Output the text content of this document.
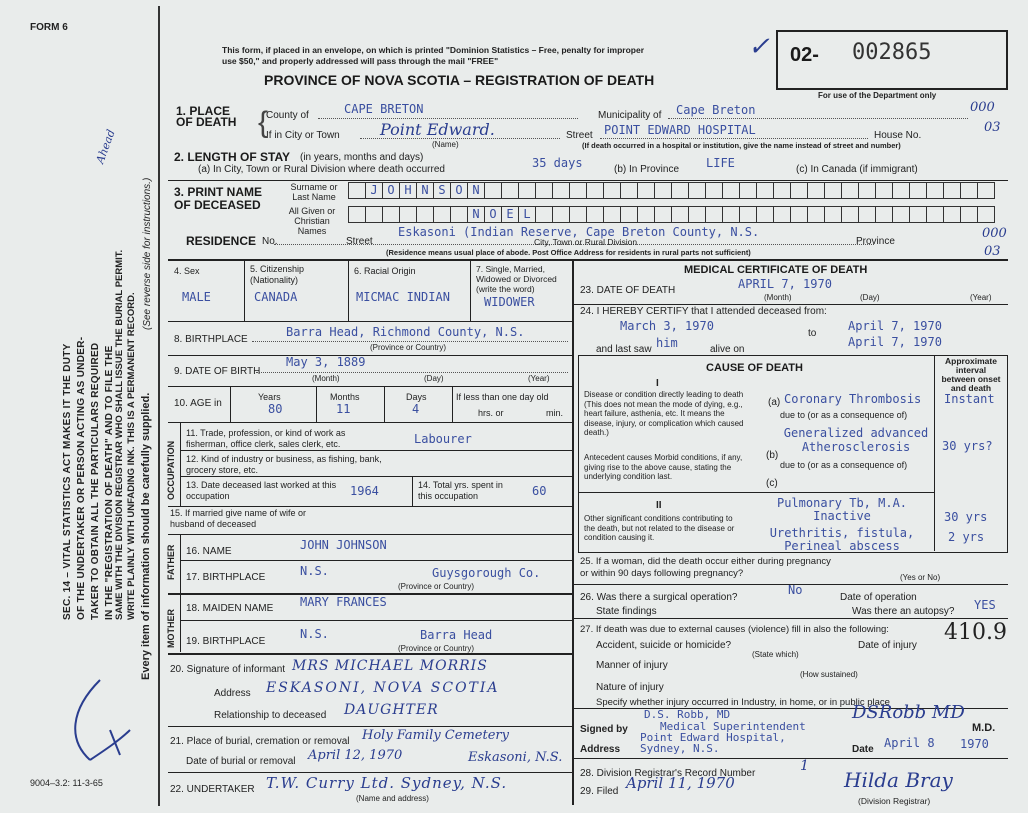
FORM 6
SEC. 14 – VITAL STATISTICS ACT MAKES IT THE DUTY OF THE UNDERTAKER OR PERSON ACTING AS UNDER- TAKER TO OBTAIN ALL THE PARTICULARS REQUIRED IN THE "REGISTRATION OF DEATH" AND TO FILE THE SAME WITH THE DIVISION REGISTRAR WHO SHALL ISSUE THE BURIAL PERMIT. WRITE PLAINLY WITH UNFADING INK. THIS IS A PERMANENT RECORD. Every item of information should be carefully supplied.
(See reverse side for instructions.)
Ahead
9004–3.2: 11-3-65
This form, if placed in an envelope, on which is printed "Dominion Statistics – Free, penalty for improper
use $50," and properly addressed will pass through the mail "FREE"
PROVINCE OF NOVA SCOTIA – REGISTRATION OF DEATH
✓ 02- 002865
For use of the Department only
000
03
000
03
1. PLACE OF DEATH	County of	CAPE BRETON	Municipality of Cape Breton
If in City or Town	Point Edward.
(Name)
Street POINT EDWARD HOSPITAL	House No.
(If death occurred in a hospital or institution, give the name instead of street and number)
{
2. LENGTH OF STAY (in years, months and days)
(a) In City, Town or Rural Division where death occurred	35 days	(b) In Province LIFE	(c) In Canada (if immigrant)
3. PRINT NAME OF DECEASED
Surname or Last Name
All Given or Christian Names
J O H N S O N
N O E L
RESIDENCE No.	Street
Eskasoni (Indian Reserve, Cape Breton County, N.S.
City, Town or Rural Division	Province
(Residence means usual place of abode. Post Office Address for residents in rural parts not sufficient)
4. Sex
MALE
5. Citizenship (Nationality)
CANADA
6. Racial Origin
MICMAC INDIAN
7. Single, Married, Widowed or Divorced (write the word)
WIDOWER
8. BIRTHPLACE
Barra Head, Richmond County, N.S.
(Province or Country)
9. DATE OF BIRTH
May 3, 1889
(Month)	(Day)	(Year)
10. AGE in
Years
80
Months
11
Days
4
If less than one day old
hrs. or	min.
OCCUPATION
11. Trade, profession, or kind of work as fisherman, office clerk, sales clerk, etc.	Labourer
12. Kind of industry or business, as fishing, bank, grocery store, etc.
13. Date deceased last worked at this occupation	1964	14. Total yrs. spent in this occupation	60
15. If married give name of wife or husband of deceased
FATHER
MOTHER
16. NAME	JOHN JOHNSON
17. BIRTHPLACE	N.S.	Guysgorough Co.
(Province or Country)
18. MAIDEN NAME MARY FRANCES
19. BIRTHPLACE
N.S.	Barra Head
(Province or Country)
20. Signature of informant MRS MICHAEL MORRIS
Address ESKASONI, NOVA SCOTIA
Relationship to deceased DAUGHTER
21. Place of burial, cremation or removal Holy Family Cemetery
Date of burial or removal April 12, 1970	Eskasoni, N.S.
22. UNDERTAKER T.W. Curry Ltd. Sydney, N.S.
(Name and address)
MEDICAL CERTIFICATE OF DEATH
23. DATE OF DEATH	APRIL 7, 1970
(Month)	(Day)	(Year)
24. I HEREBY CERTIFY that I attended deceased from:
March 3, 1970
to
April 7, 1970
and last saw him	alive on
April 7, 1970
CAUSE OF DEATH
Approximate interval between onset and death
I
Disease or condition directly leading to death (This does not mean the mode of dying, e.g., heart failure, asthenia, etc. It means the disease, injury, or complication which caused death.)
(a) Coronary Thrombosis Instant
due to (or as a consequence of)
Generalized advanced Atherosclerosis
(b)
30 yrs?
Antecedent causes Morbid conditions, if any, giving rise to the above cause, stating the underlying condition last.
due to (or as a consequence of)
(c)
II
Other significant conditions contributing to the death, but not related to the disease or condition causing it.
Pulmonary Tb, M.A. Inactive	30 yrs
Urethritis, fistula, Perineal abscess
2 yrs
25. If a woman, did the death occur either during pregnancy or within 90 days following pregnancy?	(Yes or No)
26. Was there a surgical operation?
No
Date of operation
State findings	Was there an autopsy? YES
27. If death was due to external causes (violence) fill in also the following:	410.9
Accident, suicide or homicide?
(State which)
Date of injury
Manner of injury
(How sustained)
Nature of injury
Specify whether injury occurred in Industry, in home, or in public place
Signed by
D.S. Robb, MD
Medical Superintendent
DSRobb MD
M.D.
Address
Point Edward Hospital, Sydney, N.S.	Date April 8 1970
28. Division Registrar's Record Number	1
29. Filed April 11, 1970	Hilda Bray
(Division Registrar)
